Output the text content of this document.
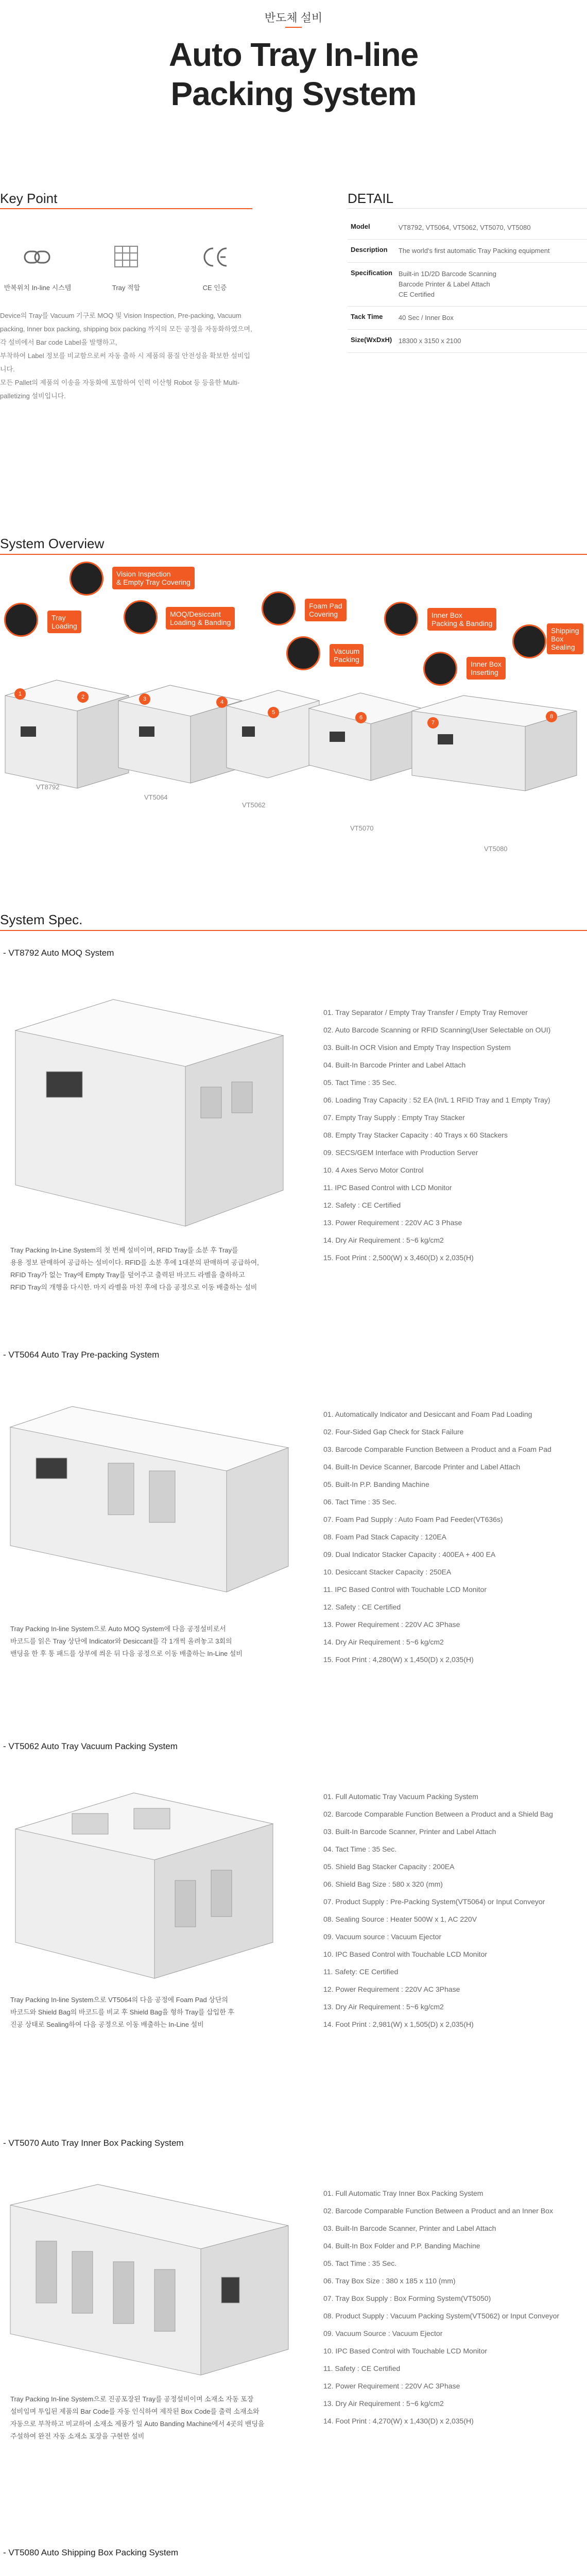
반도체 설비
Auto Tray In-line
Packing System
Key Point
반복위치 In-line 시스템	Tray 적합	CE 인증
Device의 Tray를 Vacuum 기구로 MOQ 및 Vision Inspection, Pre-packing, Vacuum packing, Inner box packing, shipping box packing 까지의 모든 공정을 자동화하였으며, 각 설비에서 Bar code Label을 발행하고,
부착하여 Label 정보를 비교함으로써 자동 출하 시 제품의 품질 안전성을 확보한 설비입니다.
모든 Pallet의 제품의 이송을 자동화에 포함하여 인력 이산형 Robot 등 등을한 Multi-palletizing 설비입니다.
DETAIL
Model	VT8792, VT5064, VT5062, VT5070, VT5080

Description	The world's first automatic Tray Packing equipment

Specification	Built-in 1D/2D Barcode Scanning
Barcode Printer & Label Attach
CE Certified

Tack Time	40 Sec / Inner Box

Size(WxDxH)	18300 x 3150 x 2100
System Overview
Tray
Loading
Vision Inspection
& Empty Tray Covering
MOQ/Desiccant
Loading & Banding
Foam Pad
Covering
Vacuum
Packing
Inner Box
Packing & Banding
Inner Box
Inserting
Shipping
Box
Sealing
1	2	3	4
5
6
7
8
VT8792
VT5064
VT5062
VT5070
VT5080
System Spec.
- VT8792 Auto MOQ System
Tray Packing In-Line System의 첫 번째 설비이며, RFID Tray를 소분 후 Tray를
용용 정보 판매하여 공급하는 설비이다. RFID를 소분 후에 1대분의 판매하며 공급하여,
RFID Tray가 없는 Tray에 Empty Tray를 덮어주고 출력된 바코드 라벨을 출하하고
RFID Tray의 개행을 다시한. 마지 라벨을 마친 후에 다음 공정으로 이동 배출하는 설비
01. Tray Separator / Empty Tray Transfer / Empty Tray Remover
02. Auto Barcode Scanning or RFID Scanning(User Selectable on OUI)
03. Built-In OCR Vision and Empty Tray Inspection System
04. Built-In Barcode Printer and Label Attach
05. Tact Time : 35 Sec.
06. Loading Tray Capacity : 52 EA (In/L 1 RFID Tray and 1 Empty Tray)
07. Empty Tray Supply : Empty Tray Stacker
08. Empty Tray Stacker Capacity : 40 Trays x 60 Stackers
09. SECS/GEM Interface with Production Server
10. 4 Axes Servo Motor Control
11. IPC Based Control with LCD Monitor
12. Safety : CE Certified
13. Power Requirement : 220V AC 3 Phase
14. Dry Air Requirement : 5~6 kg/cm2
15. Foot Print : 2,500(W) x 3,460(D) x 2,035(H)
- VT5064 Auto Tray Pre-packing System
Tray Packing In-line System으로 Auto MOQ System에 다음 공정설비로서
바코드를 읽은 Tray 상단에 Indicator와 Desiccant를 각 1개씩 올려놓고 3회의
밴딩을 한 후 통 패드를 상부에 씌운 뒤 다음 공정으로 이동 배출하는 In-Line 설비
01. Automatically Indicator and Desiccant and Foam Pad Loading
02. Four-Sided Gap Check for Stack Failure
03. Barcode Comparable Function Between a Product and a Foam Pad
04. Built-In Device Scanner, Barcode Printer and Label Attach
05. Built-In P.P. Banding Machine
06. Tact Time : 35 Sec.
07. Foam Pad Supply : Auto Foam Pad Feeder(VT636s)
08. Foam Pad Stack Capacity : 120EA
09. Dual Indicator Stacker Capacity : 400EA + 400 EA
10. Desiccant Stacker Capacity : 250EA
11. IPC Based Control with Touchable LCD Monitor
12. Safety : CE Certified
13. Power Requirement : 220V AC 3Phase
14. Dry Air Requirement : 5~6 kg/cm2
15. Foot Print : 4,280(W) x 1,450(D) x 2,035(H)
- VT5062 Auto Tray Vacuum Packing System
Tray Packing In-line System으로 VT5064의 다음 공정에 Foam Pad 상단의
바코드와 Shield Bag의 바코드를 비교 후 Shield Bag을 형하 Tray를 삽입한 후
진공 상태로 Sealing하여 다음 공정으로 이동 배출하는 In-Line 설비
01. Full Automatic Tray Vacuum Packing System
02. Barcode Comparable Function Between a Product and a Shield Bag
03. Built-In Barcode Scanner, Printer and Label Attach
04. Tact Time : 35 Sec.
05. Shield Bag Stacker Capacity : 200EA
06. Shield Bag Size : 580 x 320 (mm)
07. Product Supply : Pre-Packing System(VT5064) or Input Conveyor
08. Sealing Source : Heater 500W x 1, AC 220V
09. Vacuum source : Vacuum Ejector
10. IPC Based Control with Touchable LCD Monitor
11. Safety: CE Certified
12. Power Requirement : 220V AC 3Phase
13. Dry Air Requirement : 5~6 kg/cm2
14. Foot Print : 2,981(W) x 1,505(D) x 2,035(H)
- VT5070 Auto Tray Inner Box Packing System
Tray Packing In-line System으로 진공포장된 Tray를 공정설비이며 소재소 자동 포장
설비임며 투입된 제품의 Bar Code를 자동 인식하여 제작된 Box Code를 출력 소재소와
자동으로 부착하고 비교하여 소재소 제품가 일 Auto Banding Machine에서 4곳의 밴딩을
주설하여 완전 자동 소재소 포장을 구현한 설비
01. Full Automatic Tray Inner Box Packing System
02. Barcode Comparable Function Between a Product and an Inner Box
03. Built-In Barcode Scanner, Printer and Label Attach
04. Built-In Box Folder and P.P. Banding Machine
05. Tact Time : 35 Sec.
06. Tray Box Size : 380 x 185 x 110 (mm)
07. Tray Box Supply : Box Forming System(VT5050)
08. Product Supply : Vacuum Packing System(VT5062) or Input Conveyor
09. Vacuum Source : Vacuum Ejector
10. IPC Based Control with Touchable LCD Monitor
11. Safety : CE Certified
12. Power Requirement : 220V AC 3Phase
13. Dry Air Requirement : 5~6 kg/cm2
14. Foot Print : 4,270(W) x 1,430(D) x 2,035(H)
- VT5080 Auto Shipping Box Packing System
